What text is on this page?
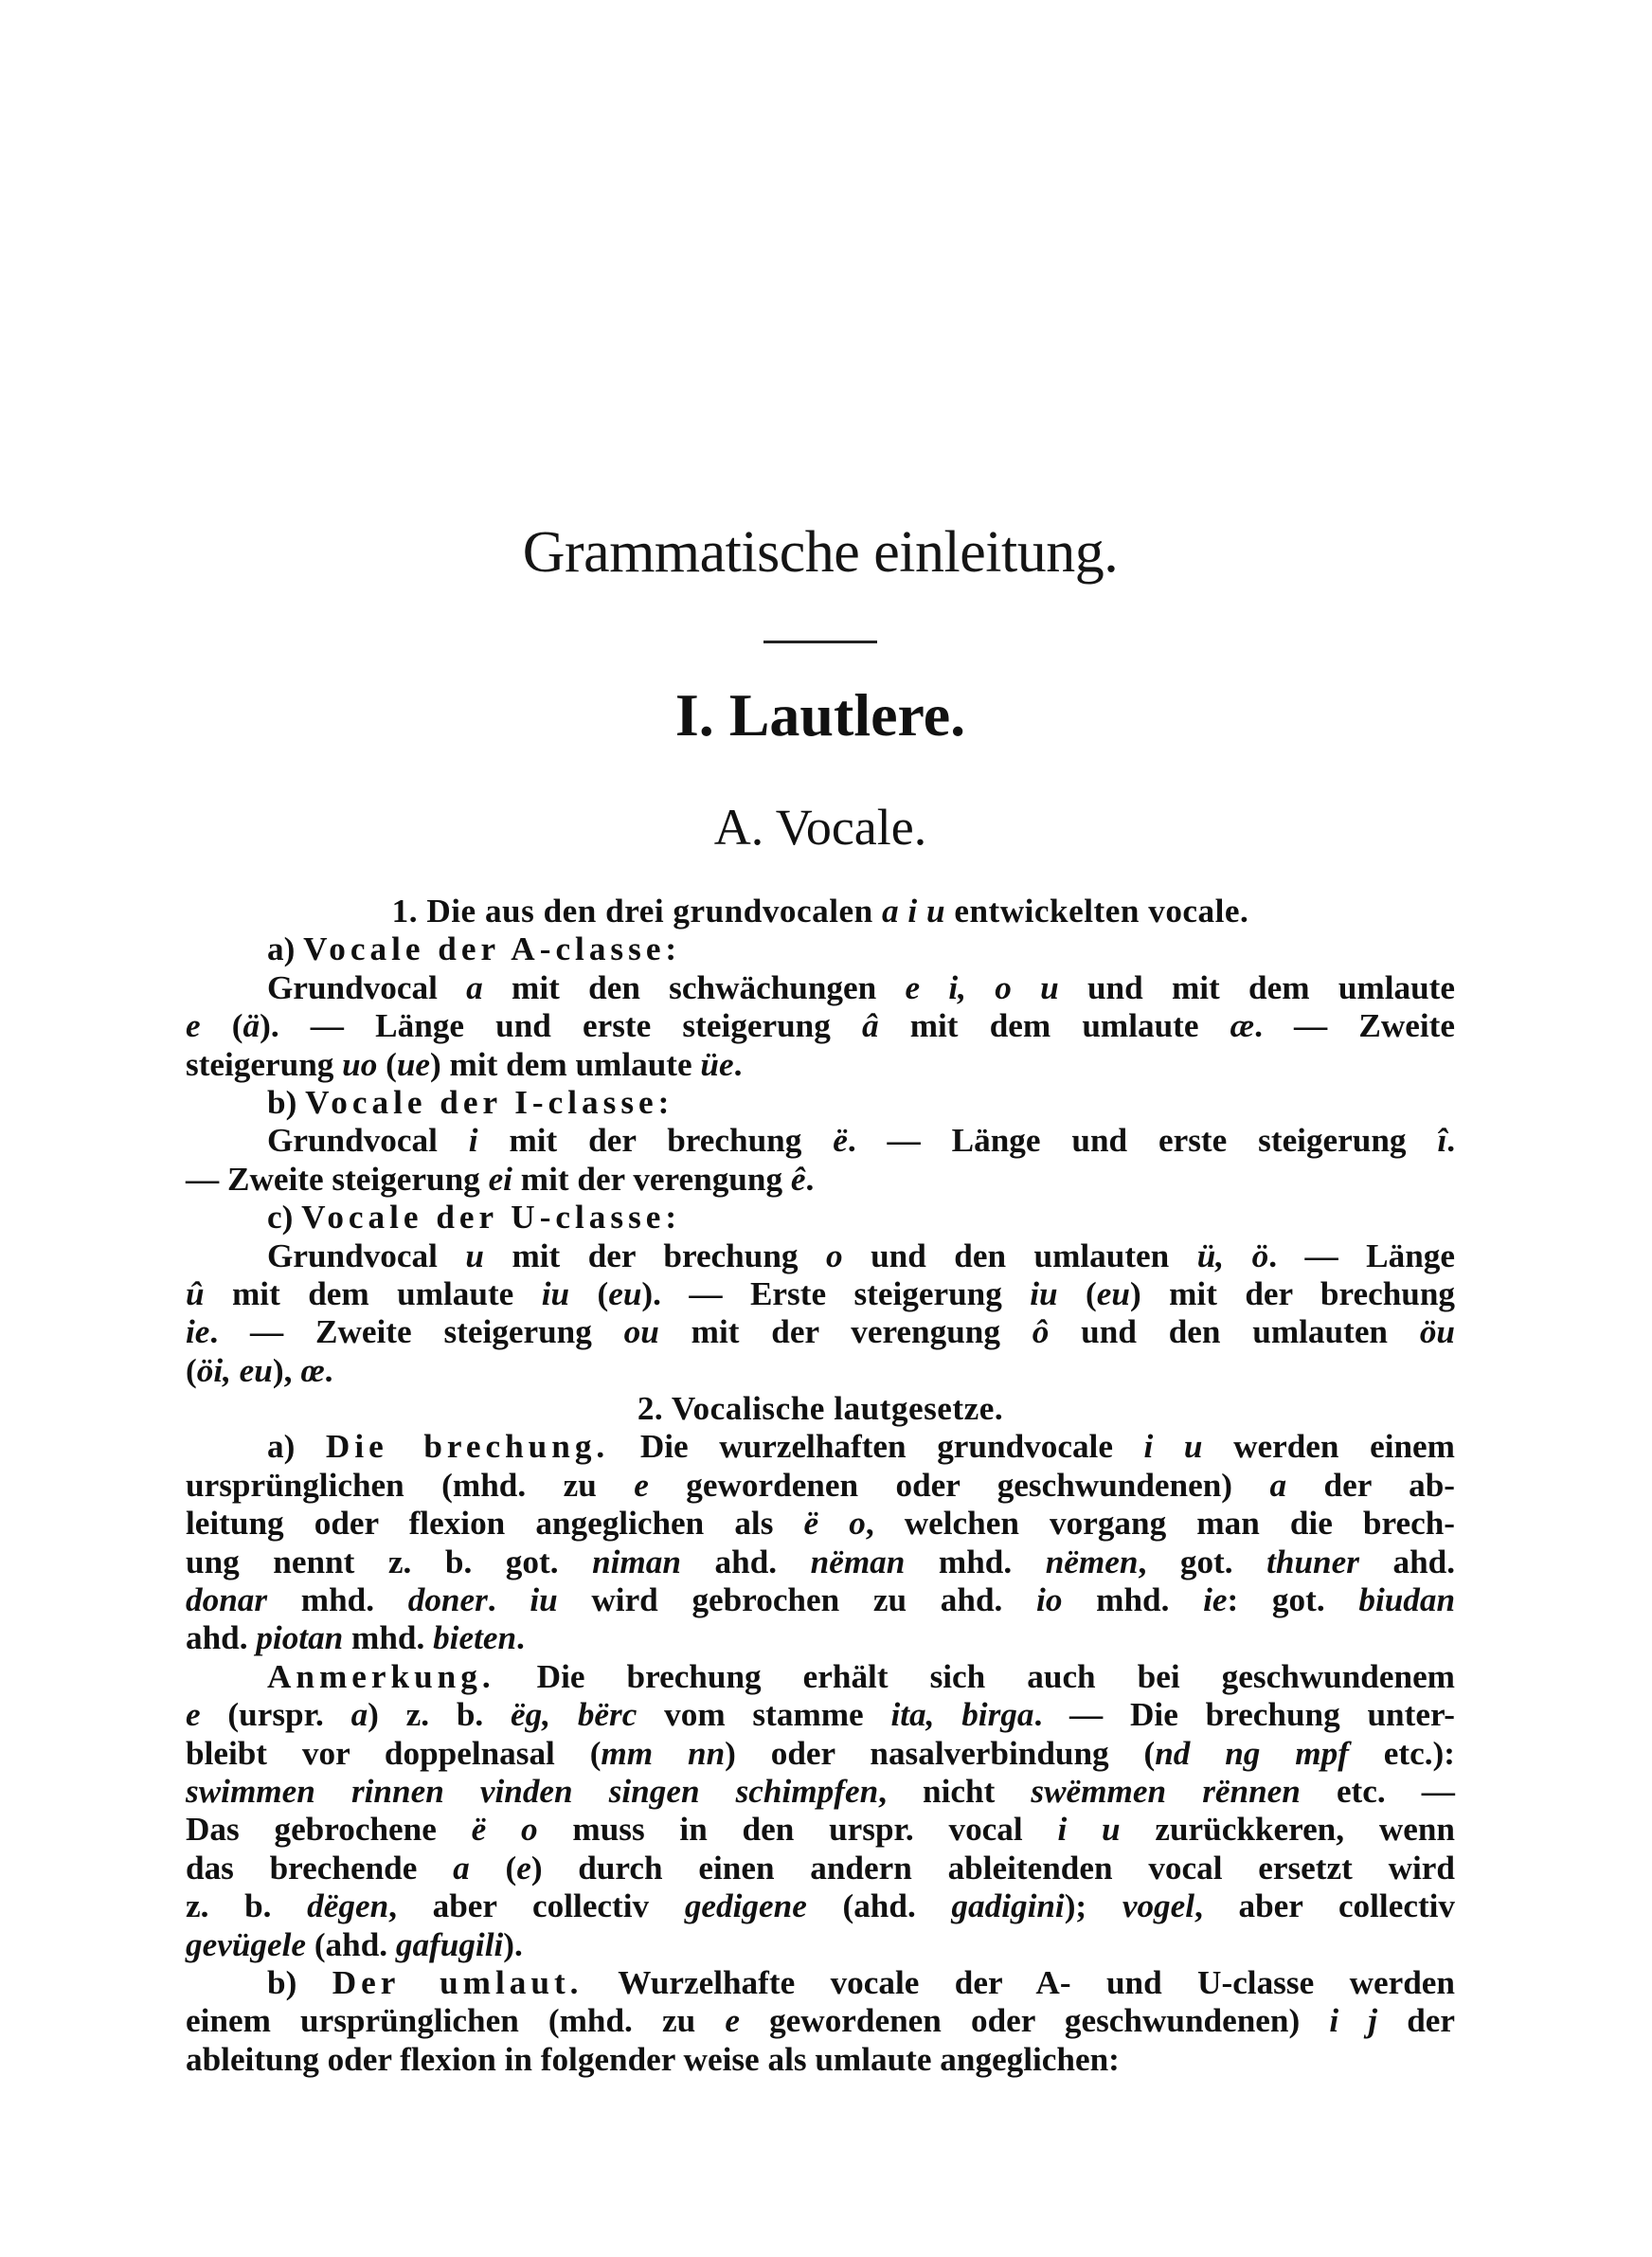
Grammatische einleitung.
I. Lautlere.
A. Vocale.
1. Die aus den drei grundvocalen a i u entwickelten vocale.
a) Vocale der A-classe:
Grundvocal a mit den schwächungen e i, o u und mit dem umlaute
e (ä). — Länge und erste steigerung â mit dem umlaute æ. — Zweite
steigerung uo (ue) mit dem umlaute üe.
b) Vocale der I-classe:
Grundvocal i mit der brechung ë. — Länge und erste steigerung î.
— Zweite steigerung ei mit der verengung ê.
c) Vocale der U-classe:
Grundvocal u mit der brechung o und den umlauten ü, ö. — Länge
û mit dem umlaute iu (eu). — Erste steigerung iu (eu) mit der brechung
ie. — Zweite steigerung ou mit der verengung ô und den umlauten öu
(öi, eu), œ.
2. Vocalische lautgesetze.
a) Die brechung. Die wurzelhaften grundvocale i u werden einem
ursprünglichen (mhd. zu e gewordenen oder geschwundenen) a der ab-
leitung oder flexion angeglichen als ë o, welchen vorgang man die brech-
ung nennt z. b. got. niman ahd. nëman mhd. nëmen, got. thuner ahd.
donar mhd. doner. iu wird gebrochen zu ahd. io mhd. ie: got. biudan
ahd. piotan mhd. bieten.
Anmerkung. Die brechung erhält sich auch bei geschwundenem
e (urspr. a) z. b. ëg, bërc vom stamme ita, birga. — Die brechung unter-
bleibt vor doppelnasal (mm nn) oder nasalverbindung (nd ng mpf etc.):
swimmen rinnen vinden singen schimpfen, nicht swëmmen rënnen etc. —
Das gebrochene ë o muss in den urspr. vocal i u zurückkeren, wenn
das brechende a (e) durch einen andern ableitenden vocal ersetzt wird
z. b. dëgen, aber collectiv gedigene (ahd. gadigini); vogel, aber collectiv
gevügele (ahd. gafugili).
b) Der umlaut. Wurzelhafte vocale der A- und U-classe werden
einem ursprünglichen (mhd. zu e gewordenen oder geschwundenen) i j der
ableitung oder flexion in folgender weise als umlaute angeglichen:
